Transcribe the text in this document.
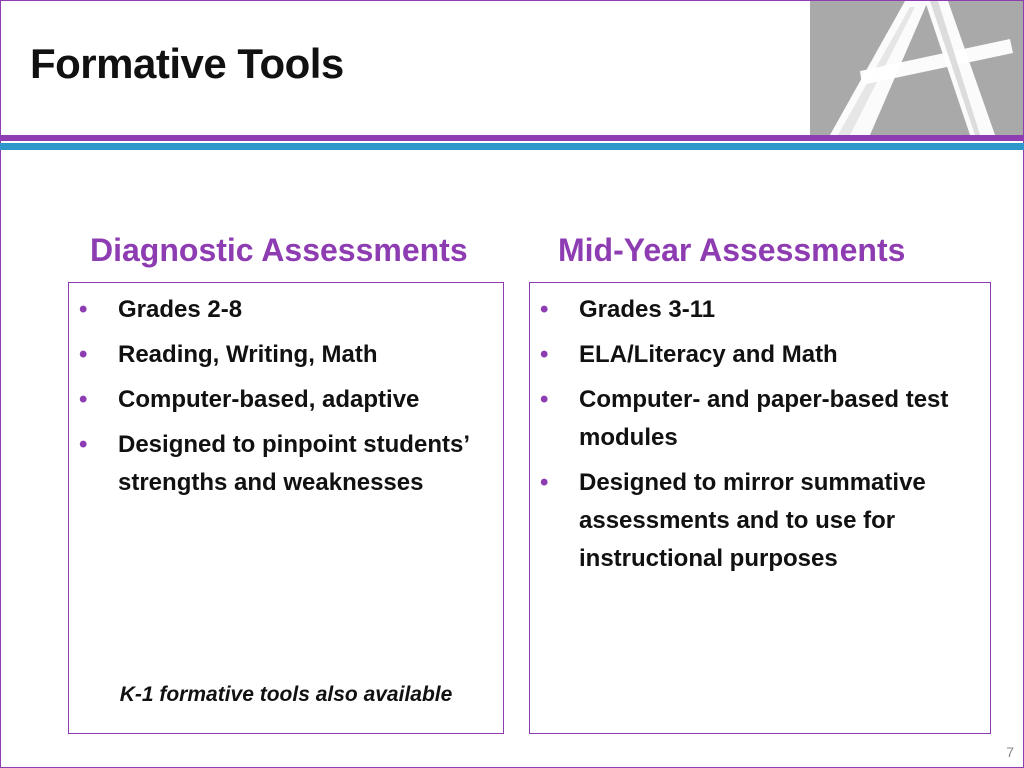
Formative Tools
Diagnostic Assessments	Mid-Year Assessments
• Grades 2-8
• Reading, Writing, Math
• Computer-based, adaptive
• Designed to pinpoint students’ strengths and weaknesses
K-1 formative tools also available
• Grades 3-11
• ELA/Literacy and Math
• Computer- and paper-based test modules
• Designed to mirror summative assessments and to use for instructional purposes
7
